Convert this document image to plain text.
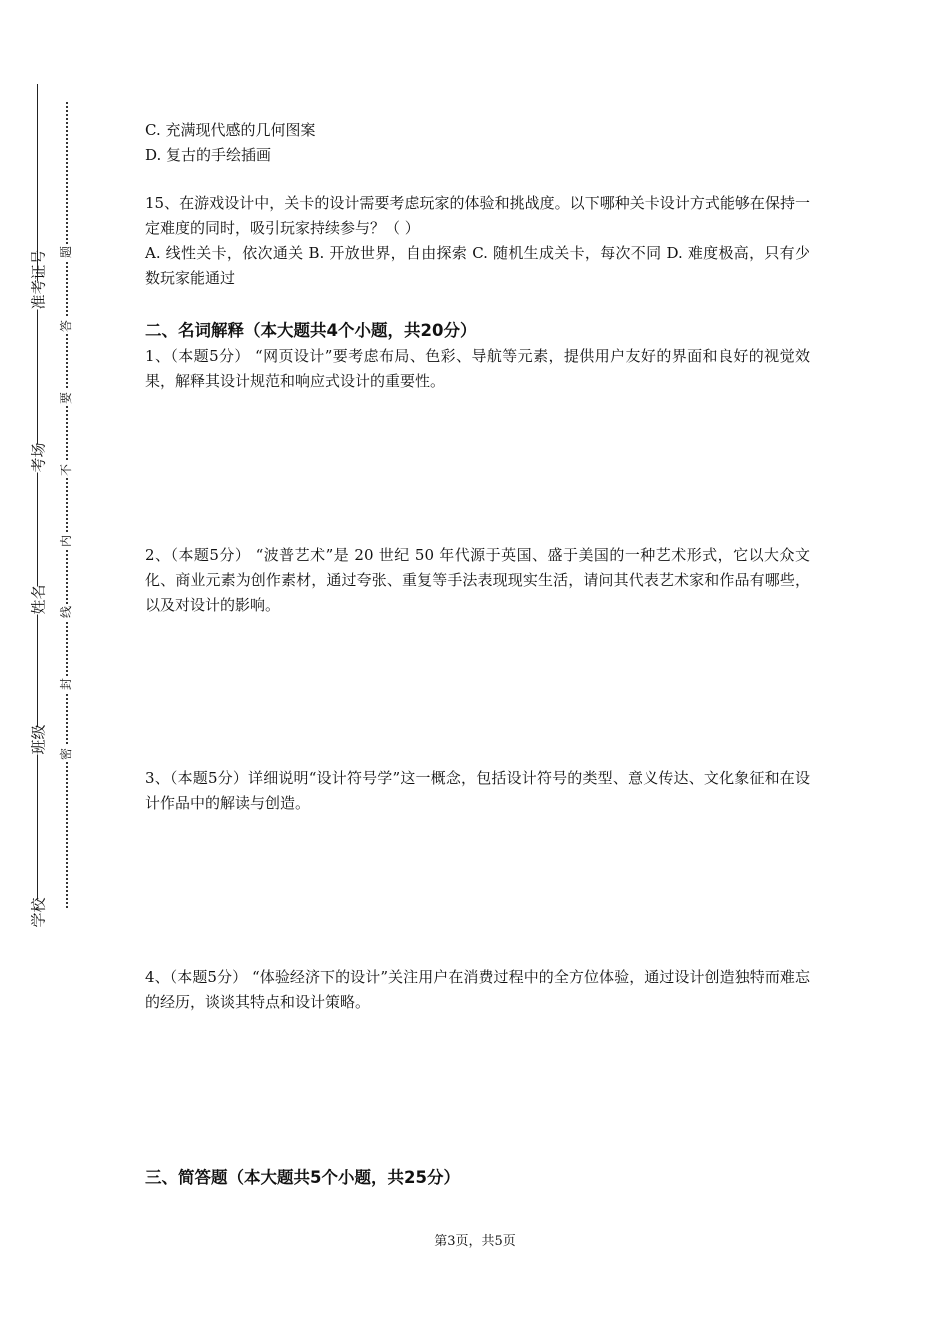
准考证号
考场
姓名
班级
学校
题
答
要
不
内
线
封
密

C. 充满现代感的几何图案

D. 复古的手绘插画

15、在游戏设计中，关卡的设计需要考虑玩家的体验和挑战度。以下哪种关卡设计方式能够在保持一定难度的同时，吸引玩家持续参与？（ ）

A. 线性关卡，依次通关 B. 开放世界，自由探索 C. 随机生成关卡，每次不同 D. 难度极高，只有少数玩家能通过

二、名词解释（本大题共4个小题，共20分）

1、（本题5分） “网页设计”要考虑布局、色彩、导航等元素，提供用户友好的界面和良好的视觉效果，解释其设计规范和响应式设计的重要性。

2、（本题5分） “波普艺术”是 20 世纪 50 年代源于英国、盛于美国的一种艺术形式，它以大众文化、商业元素为创作素材，通过夸张、重复等手法表现现实生活，请问其代表艺术家和作品有哪些，以及对设计的影响。

3、（本题5分）详细说明“设计符号学”这一概念，包括设计符号的类型、意义传达、文化象征和在设计作品中的解读与创造。

4、（本题5分） “体验经济下的设计”关注用户在消费过程中的全方位体验，通过设计创造独特而难忘的经历，谈谈其特点和设计策略。

三、简答题（本大题共5个小题，共25分）
第3页，共5页
